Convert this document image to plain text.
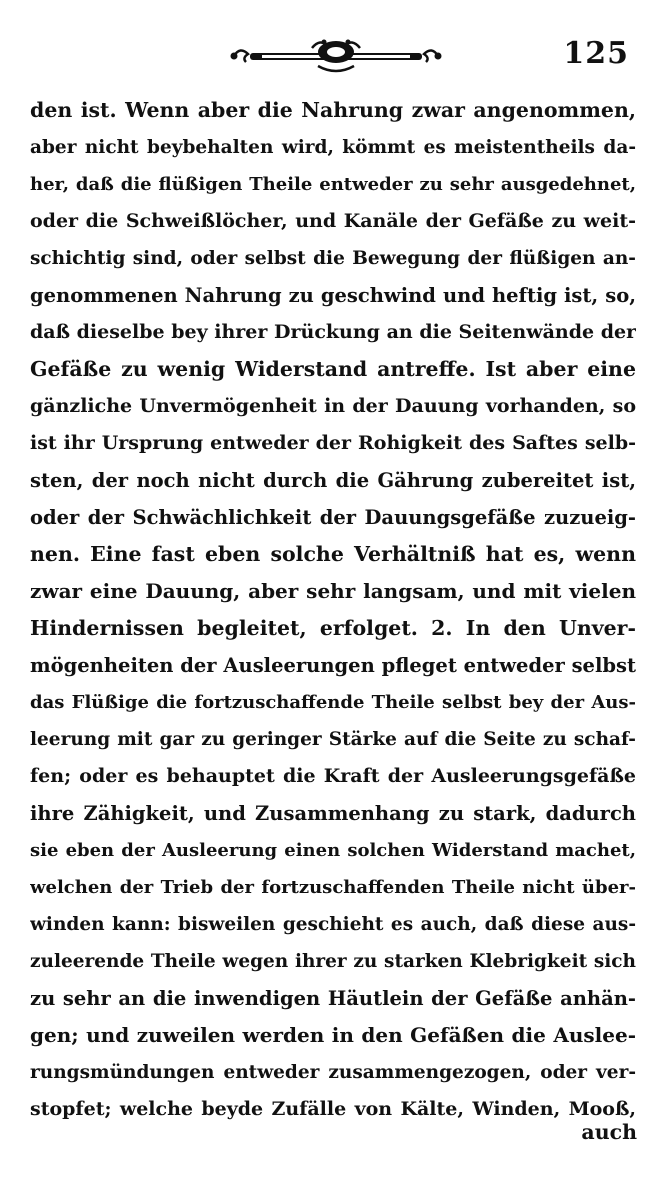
125
den ist. Wenn aber die Nahrung zwar angenommen,
aber nicht beybehalten wird, kömmt es meistentheils da-
her, daß die flüßigen Theile entweder zu sehr ausgedehnet,
oder die Schweißlöcher, und Kanäle der Gefäße zu weit-
schichtig sind, oder selbst die Bewegung der flüßigen an-
genommenen Nahrung zu geschwind und heftig ist, so,
daß dieselbe bey ihrer Drückung an die Seitenwände der
Gefäße zu wenig Widerstand antreffe. Ist aber eine
gänzliche Unvermögenheit in der Dauung vorhanden, so
ist ihr Ursprung entweder der Rohigkeit des Saftes selb-
sten, der noch nicht durch die Gährung zubereitet ist,
oder der Schwächlichkeit der Dauungsgefäße zuzueig-
nen. Eine fast eben solche Verhältniß hat es, wenn
zwar eine Dauung, aber sehr langsam, und mit vielen
Hindernissen begleitet, erfolget. 2. In den Unver-
mögenheiten der Ausleerungen pfleget entweder selbst
das Flüßige die fortzuschaffende Theile selbst bey der Aus-
leerung mit gar zu geringer Stärke auf die Seite zu schaf-
fen; oder es behauptet die Kraft der Ausleerungsgefäße
ihre Zähigkeit, und Zusammenhang zu stark, dadurch
sie eben der Ausleerung einen solchen Widerstand machet,
welchen der Trieb der fortzuschaffenden Theile nicht über-
winden kann: bisweilen geschieht es auch, daß diese aus-
zuleerende Theile wegen ihrer zu starken Klebrigkeit sich
zu sehr an die inwendigen Häutlein der Gefäße anhän-
gen; und zuweilen werden in den Gefäßen die Auslee-
rungsmündungen entweder zusammengezogen, oder ver-
stopfet; welche beyde Zufälle von Kälte, Winden, Mooß,
auch
